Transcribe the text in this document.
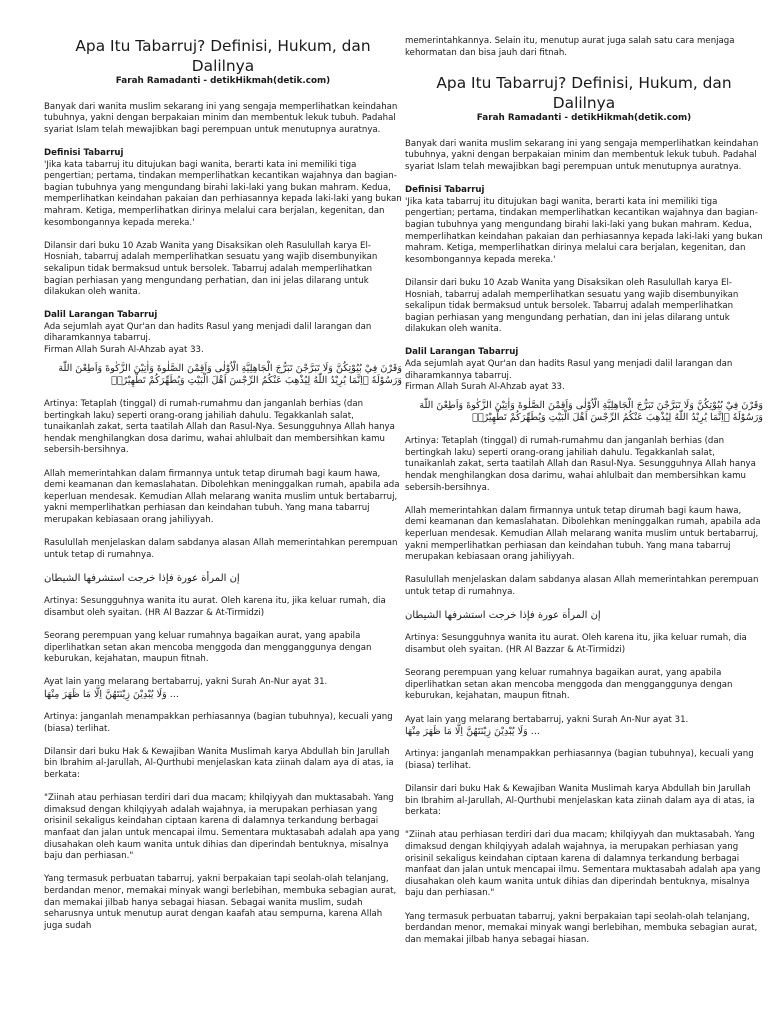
Apa Itu Tabarruj? Definisi, Hukum, dan Dalilnya
Farah Ramadanti - detikHikmah(detik.com)

Banyak dari wanita muslim sekarang ini yang sengaja memperlihatkan keindahan tubuhnya, yakni dengan berpakaian minim dan membentuk lekuk tubuh. Padahal syariat Islam telah mewajibkan bagi perempuan untuk menutupnya auratnya.

Definisi Tabarruj

'Jika kata tabarruj itu ditujukan bagi wanita, berarti kata ini memiliki tiga pengertian; pertama, tindakan memperlihatkan kecantikan wajahnya dan bagian-bagian tubuhnya yang mengundang birahi laki-laki yang bukan mahram. Kedua, memperlihatkan keindahan pakaian dan perhiasannya kepada laki-laki yang bukan mahram. Ketiga, memperlihatkan dirinya melalui cara berjalan, kegenitan, dan kesombongannya kepada mereka.'

Dilansir dari buku 10 Azab Wanita yang Disaksikan oleh Rasulullah karya El-Hosniah, tabarruj adalah memperlihatkan sesuatu yang wajib disembunyikan sekalipun tidak bermaksud untuk bersolek. Tabarruj adalah memperlihatkan bagian perhiasan yang mengundang perhatian, dan ini jelas dilarang untuk dilakukan oleh wanita.

Dalil Larangan Tabarruj
Ada sejumlah ayat Qur'an dan hadits Rasul yang menjadi dalil larangan dan diharamkannya tabarruj.
Firman Allah Surah Al-Ahzab ayat 33.
وَقَرْنَ فِيْ بُيُوْتِكُنَّ وَلَا تَبَرَّجْنَ تَبَرُّجَ الْجَاهِلِيَّةِ الْاُوْلٰى وَاَقِمْنَ الصَّلٰوةَ وَاٰتِيْنَ الزَّكٰوةَ وَاَطِعْنَ اللّٰهَ وَرَسُوْلَهٗ ۗاِنَّمَا يُرِيْدُ اللّٰهُ لِيُذْهِبَ عَنْكُمُ الرِّجْسَ اَهْلَ الْبَيْتِ وَيُطَهِّرَكُمْ تَطْهِيْرًاۚ

Artinya: Tetaplah (tinggal) di rumah-rumahmu dan janganlah berhias (dan bertingkah laku) seperti orang-orang jahiliah dahulu. Tegakkanlah salat, tunaikanlah zakat, serta taatilah Allah dan Rasul-Nya. Sesungguhnya Allah hanya hendak menghilangkan dosa darimu, wahai ahlulbait dan membersihkan kamu sebersih-bersihnya.

Allah memerintahkan dalam firmannya untuk tetap dirumah bagi kaum hawa, demi keamanan dan kemaslahatan. Dibolehkan meninggalkan rumah, apabila ada keperluan mendesak. Kemudian Allah melarang wanita muslim untuk bertabarruj, yakni memperlihatkan perhiasan dan keindahan tubuh. Yang mana tabarruj merupakan kebiasaan orang jahiliyyah.

Rasulullah menjelaskan dalam sabdanya alasan Allah memerintahkan perempuan untuk tetap di rumahnya.

إن المرأة عورة فإذا خرجت استشرفها الشيطان

Artinya: Sesungguhnya wanita itu aurat. Oleh karena itu, jika keluar rumah, dia disambut oleh syaitan. (HR Al Bazzar & At-Tirmidzi)

Seorang perempuan yang keluar rumahnya bagaikan aurat, yang apabila diperlihatkan setan akan mencoba menggoda dan mengganggunya dengan keburukan, kejahatan, maupun fitnah.

Ayat lain yang melarang bertabarruj, yakni Surah An-Nur ayat 31.
... وَلَا يُبْدِيْنَ زِيْنَتَهُنَّ اِلَّا مَا ظَهَرَ مِنْهَا

Artinya: janganlah menampakkan perhiasannya (bagian tubuhnya), kecuali yang (biasa) terlihat.

Dilansir dari buku Hak & Kewajiban Wanita Muslimah karya Abdullah bin Jarullah bin Ibrahim al-Jarullah, Al-Qurthubi menjelaskan kata ziinah dalam aya di atas, ia berkata:

"Ziinah atau perhiasan terdiri dari dua macam; khilqiyyah dan muktasabah. Yang dimaksud dengan khilqiyyah adalah wajahnya, ia merupakan perhiasan yang orisinil sekaligus keindahan ciptaan karena di dalamnya terkandung berbagai manfaat dan jalan untuk mencapai ilmu. Sementara muktasabah adalah apa yang diusahakan oleh kaum wanita untuk dihias dan diperindah bentuknya, misalnya baju dan perhiasan."

Yang termasuk perbuatan tabarruj, yakni berpakaian tapi seolah-olah telanjang, berdandan menor, memakai minyak wangi berlebihan, membuka sebagian aurat, dan memakai jilbab hanya sebagai hiasan. Sebagai wanita muslim, sudah seharusnya untuk menutup aurat dengan kaafah atau sempurna, karena Allah juga sudah

memerintahkannya. Selain itu, menutup aurat juga salah satu cara menjaga kehormatan dan bisa jauh dari fitnah.

Apa Itu Tabarruj? Definisi, Hukum, dan Dalilnya
Farah Ramadanti - detikHikmah(detik.com)

Banyak dari wanita muslim sekarang ini yang sengaja memperlihatkan keindahan tubuhnya, yakni dengan berpakaian minim dan membentuk lekuk tubuh. Padahal syariat Islam telah mewajibkan bagi perempuan untuk menutupnya auratnya.

Definisi Tabarruj

'Jika kata tabarruj itu ditujukan bagi wanita, berarti kata ini memiliki tiga pengertian; pertama, tindakan memperlihatkan kecantikan wajahnya dan bagian-bagian tubuhnya yang mengundang birahi laki-laki yang bukan mahram. Kedua, memperlihatkan keindahan pakaian dan perhiasannya kepada laki-laki yang bukan mahram. Ketiga, memperlihatkan dirinya melalui cara berjalan, kegenitan, dan kesombongannya kepada mereka.'

Dilansir dari buku 10 Azab Wanita yang Disaksikan oleh Rasulullah karya El-Hosniah, tabarruj adalah memperlihatkan sesuatu yang wajib disembunyikan sekalipun tidak bermaksud untuk bersolek. Tabarruj adalah memperlihatkan bagian perhiasan yang mengundang perhatian, dan ini jelas dilarang untuk dilakukan oleh wanita.

Dalil Larangan Tabarruj
Ada sejumlah ayat Qur'an dan hadits Rasul yang menjadi dalil larangan dan diharamkannya tabarruj.
Firman Allah Surah Al-Ahzab ayat 33.
وَقَرْنَ فِيْ بُيُوْتِكُنَّ وَلَا تَبَرَّجْنَ تَبَرُّجَ الْجَاهِلِيَّةِ الْاُوْلٰى وَاَقِمْنَ الصَّلٰوةَ وَاٰتِيْنَ الزَّكٰوةَ وَاَطِعْنَ اللّٰهَ وَرَسُوْلَهٗ ۗاِنَّمَا يُرِيْدُ اللّٰهُ لِيُذْهِبَ عَنْكُمُ الرِّجْسَ اَهْلَ الْبَيْتِ وَيُطَهِّرَكُمْ تَطْهِيْرًاۚ

Artinya: Tetaplah (tinggal) di rumah-rumahmu dan janganlah berhias (dan bertingkah laku) seperti orang-orang jahiliah dahulu. Tegakkanlah salat, tunaikanlah zakat, serta taatilah Allah dan Rasul-Nya. Sesungguhnya Allah hanya hendak menghilangkan dosa darimu, wahai ahlulbait dan membersihkan kamu sebersih-bersihnya.

Allah memerintahkan dalam firmannya untuk tetap dirumah bagi kaum hawa, demi keamanan dan kemaslahatan. Dibolehkan meninggalkan rumah, apabila ada keperluan mendesak. Kemudian Allah melarang wanita muslim untuk bertabarruj, yakni memperlihatkan perhiasan dan keindahan tubuh. Yang mana tabarruj merupakan kebiasaan orang jahiliyyah.

Rasulullah menjelaskan dalam sabdanya alasan Allah memerintahkan perempuan untuk tetap di rumahnya.

إن المرأة عورة فإذا خرجت استشرفها الشيطان

Artinya: Sesungguhnya wanita itu aurat. Oleh karena itu, jika keluar rumah, dia disambut oleh syaitan. (HR Al Bazzar & At-Tirmidzi)

Seorang perempuan yang keluar rumahnya bagaikan aurat, yang apabila diperlihatkan setan akan mencoba menggoda dan mengganggunya dengan keburukan, kejahatan, maupun fitnah.

Ayat lain yang melarang bertabarruj, yakni Surah An-Nur ayat 31.
... وَلَا يُبْدِيْنَ زِيْنَتَهُنَّ اِلَّا مَا ظَهَرَ مِنْهَا

Artinya: janganlah menampakkan perhiasannya (bagian tubuhnya), kecuali yang (biasa) terlihat.

Dilansir dari buku Hak & Kewajiban Wanita Muslimah karya Abdullah bin Jarullah bin Ibrahim al-Jarullah, Al-Qurthubi menjelaskan kata ziinah dalam aya di atas, ia berkata:

"Ziinah atau perhiasan terdiri dari dua macam; khilqiyyah dan muktasabah. Yang dimaksud dengan khilqiyyah adalah wajahnya, ia merupakan perhiasan yang orisinil sekaligus keindahan ciptaan karena di dalamnya terkandung berbagai manfaat dan jalan untuk mencapai ilmu. Sementara muktasabah adalah apa yang diusahakan oleh kaum wanita untuk dihias dan diperindah bentuknya, misalnya baju dan perhiasan."

Yang termasuk perbuatan tabarruj, yakni berpakaian tapi seolah-olah telanjang, berdandan menor, memakai minyak wangi berlebihan, membuka sebagian aurat, dan memakai jilbab hanya sebagai hiasan.
